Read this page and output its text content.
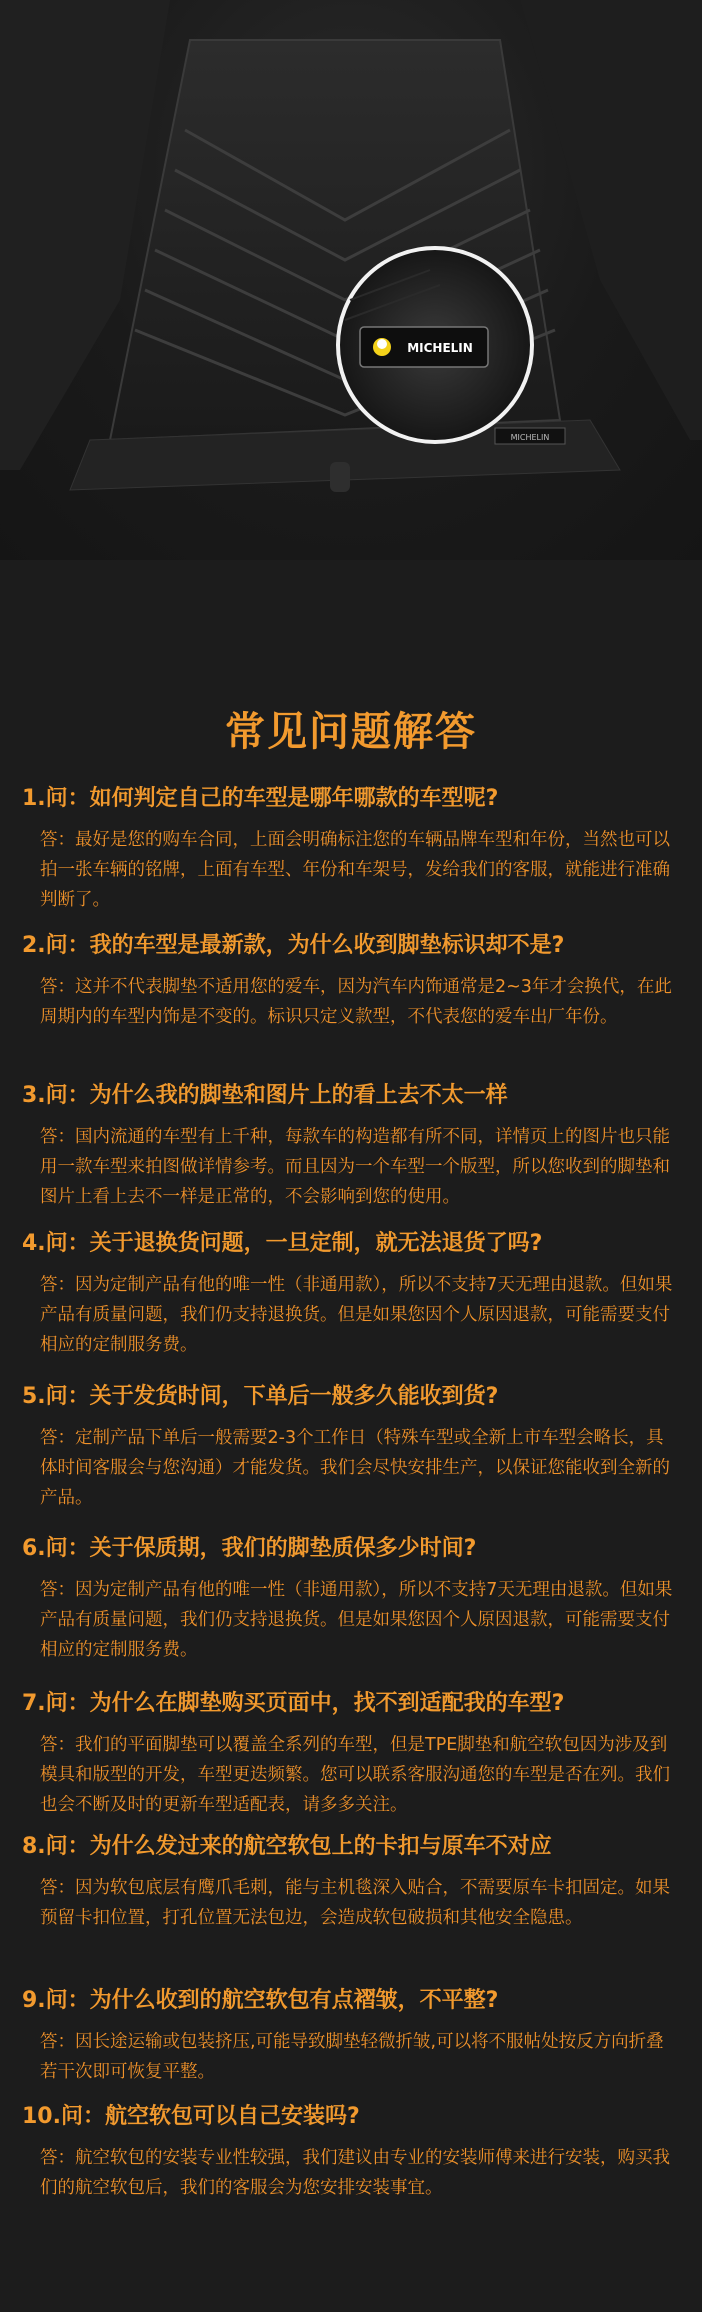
MICHELIN
MICHELIN
常见问题解答
1.问：如何判定自己的车型是哪年哪款的车型呢?
答：最好是您的购车合同，上面会明确标注您的车辆品牌车型和年份，当然也可以拍一张车辆的铭牌，上面有车型、年份和车架号，发给我们的客服，就能进行准确判断了。
2.问：我的车型是最新款，为什么收到脚垫标识却不是?
答：这并不代表脚垫不适用您的爱车，因为汽车内饰通常是2~3年才会换代，在此周期内的车型内饰是不变的。标识只定义款型，不代表您的爱车出厂年份。
3.问：为什么我的脚垫和图片上的看上去不太一样
答：国内流通的车型有上千种，每款车的构造都有所不同，详情页上的图片也只能用一款车型来拍图做详情参考。而且因为一个车型一个版型，所以您收到的脚垫和图片上看上去不一样是正常的，不会影响到您的使用。
4.问：关于退换货问题，一旦定制，就无法退货了吗?
答：因为定制产品有他的唯一性（非通用款），所以不支持7天无理由退款。但如果产品有质量问题，我们仍支持退换货。但是如果您因个人原因退款，可能需要支付相应的定制服务费。
5.问：关于发货时间，下单后一般多久能收到货?
答：定制产品下单后一般需要2-3个工作日（特殊车型或全新上市车型会略长，具体时间客服会与您沟通）才能发货。我们会尽快安排生产，以保证您能收到全新的产品。
6.问：关于保质期，我们的脚垫质保多少时间?
答：因为定制产品有他的唯一性（非通用款），所以不支持7天无理由退款。但如果产品有质量问题，我们仍支持退换货。但是如果您因个人原因退款，可能需要支付相应的定制服务费。
7.问：为什么在脚垫购买页面中，找不到适配我的车型?
答：我们的平面脚垫可以覆盖全系列的车型，但是TPE脚垫和航空软包因为涉及到模具和版型的开发，车型更迭频繁。您可以联系客服沟通您的车型是否在列。我们也会不断及时的更新车型适配表，请多多关注。
8.问：为什么发过来的航空软包上的卡扣与原车不对应
答：因为软包底层有鹰爪毛刺，能与主机毯深入贴合，不需要原车卡扣固定。如果预留卡扣位置，打孔位置无法包边，会造成软包破损和其他安全隐患。
9.问：为什么收到的航空软包有点褶皱，不平整?
答：因长途运输或包装挤压,可能导致脚垫轻微折皱,可以将不服帖处按反方向折叠若干次即可恢复平整。
10.问：航空软包可以自己安装吗?
答：航空软包的安装专业性较强，我们建议由专业的安装师傅来进行安装，购买我们的航空软包后，我们的客服会为您安排安装事宜。
